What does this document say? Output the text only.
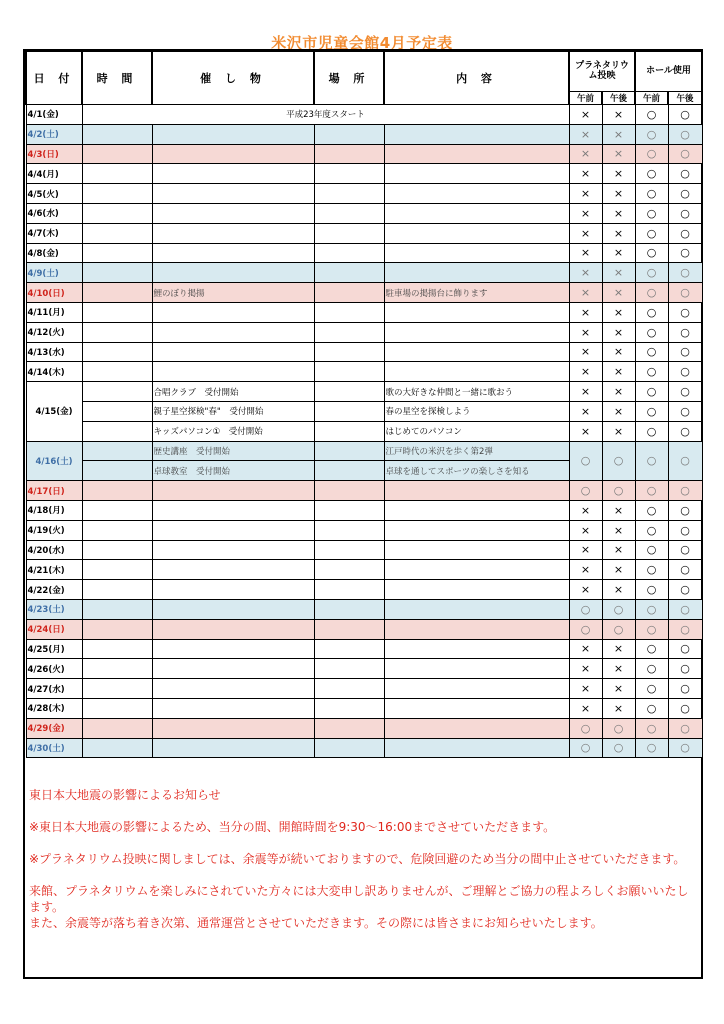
米沢市児童会館4月予定表
日 付	時 間	催 し 物	場 所	内 容	プラネタリウム投映		ホール使用	
					午前	午後	午前	午後
4/1(金)	平成23年度スタート				×	×	○	○
4/2(土)					×	×	○	○
4/3(日)					×	×	○	○
4/4(月)					×	×	○	○
4/5(火)					×	×	○	○
4/6(水)					×	×	○	○
4/7(木)					×	×	○	○
4/8(金)					×	×	○	○
4/9(土)					×	×	○	○
4/10(日)		鯉のぼり掲揚		駐車場の掲揚台に飾ります	×	×	○	○
4/11(月)					×	×	○	○
4/12(火)					×	×	○	○
4/13(水)					×	×	○	○
4/14(木)					×	×	○	○
4/15(金)		合唱クラブ　受付開始		歌の大好きな仲間と一緒に歌おう	×	×	○	○
		親子星空探検"春"　受付開始		春の星空を探検しよう	×	×	○	○
		キッズパソコン①　受付開始		はじめてのパソコン	×	×	○	○
4/16(土)		歴史講座　受付開始		江戸時代の米沢を歩く第2弾	○	○	○	○
		卓球教室　受付開始		卓球を通してスポーツの楽しさを知る				
4/17(日)					○	○	○	○
4/18(月)					×	×	○	○
4/19(火)					×	×	○	○
4/20(水)					×	×	○	○
4/21(木)					×	×	○	○
4/22(金)					×	×	○	○
4/23(土)					○	○	○	○
4/24(日)					○	○	○	○
4/25(月)					×	×	○	○
4/26(火)					×	×	○	○
4/27(水)					×	×	○	○
4/28(木)					×	×	○	○
4/29(金)					○	○	○	○
4/30(土)					○	○	○	○

東日本大地震の影響によるお知らせ

※東日本大地震の影響によるため、当分の間、開館時間を9:30～16:00までさせていただきます。

※プラネタリウム投映に関しましては、余震等が続いておりますので、危険回避のため当分の間中止させていただきます。

来館、プラネタリウムを楽しみにされていた方々には大変申し訳ありませんが、ご理解とご協力の程よろしくお願いいたします。

また、余震等が落ち着き次第、通常運営とさせていただきます。その際には皆さまにお知らせいたします。
